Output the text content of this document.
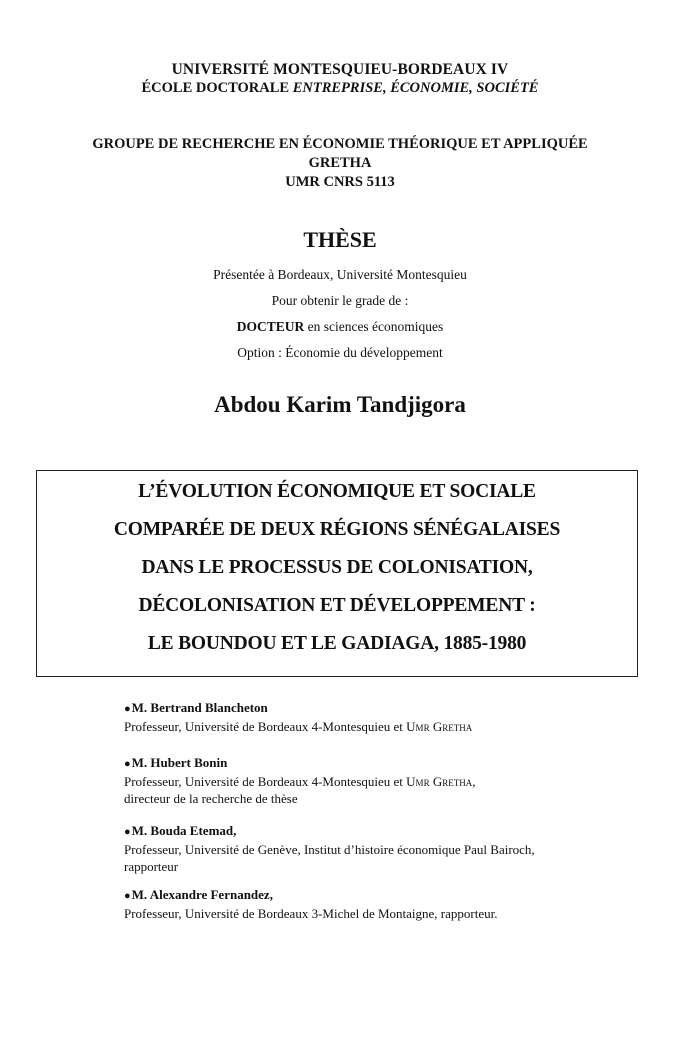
UNIVERSITÉ MONTESQUIEU-BORDEAUX IV
ÉCOLE DOCTORALE ENTREPRISE, ÉCONOMIE, SOCIÉTÉ
GROUPE DE RECHERCHE EN ÉCONOMIE THÉORIQUE ET APPLIQUÉE
GRETHA
UMR CNRS 5113
THÈSE
Présentée à Bordeaux, Université Montesquieu
Pour obtenir le grade de :
DOCTEUR en sciences économiques
Option : Économie du développement
Abdou Karim Tandjigora
L’ÉVOLUTION ÉCONOMIQUE ET SOCIALE
COMPARÉE DE DEUX RÉGIONS SÉNÉGALAISES
DANS LE PROCESSUS DE COLONISATION,
DÉCOLONISATION ET DÉVELOPPEMENT :
LE BOUNDOU ET LE GADIAGA, 1885-1980
●M. Bertrand Blancheton
Professeur, Université de Bordeaux 4-Montesquieu et Umr Gretha
●M. Hubert Bonin
Professeur, Université de Bordeaux 4-Montesquieu et Umr Gretha,
directeur de la recherche de thèse
●M. Bouda Etemad,
Professeur, Université de Genève, Institut d’histoire économique Paul Bairoch,
rapporteur
●M. Alexandre Fernandez,
Professeur, Université de Bordeaux 3-Michel de Montaigne, rapporteur.
